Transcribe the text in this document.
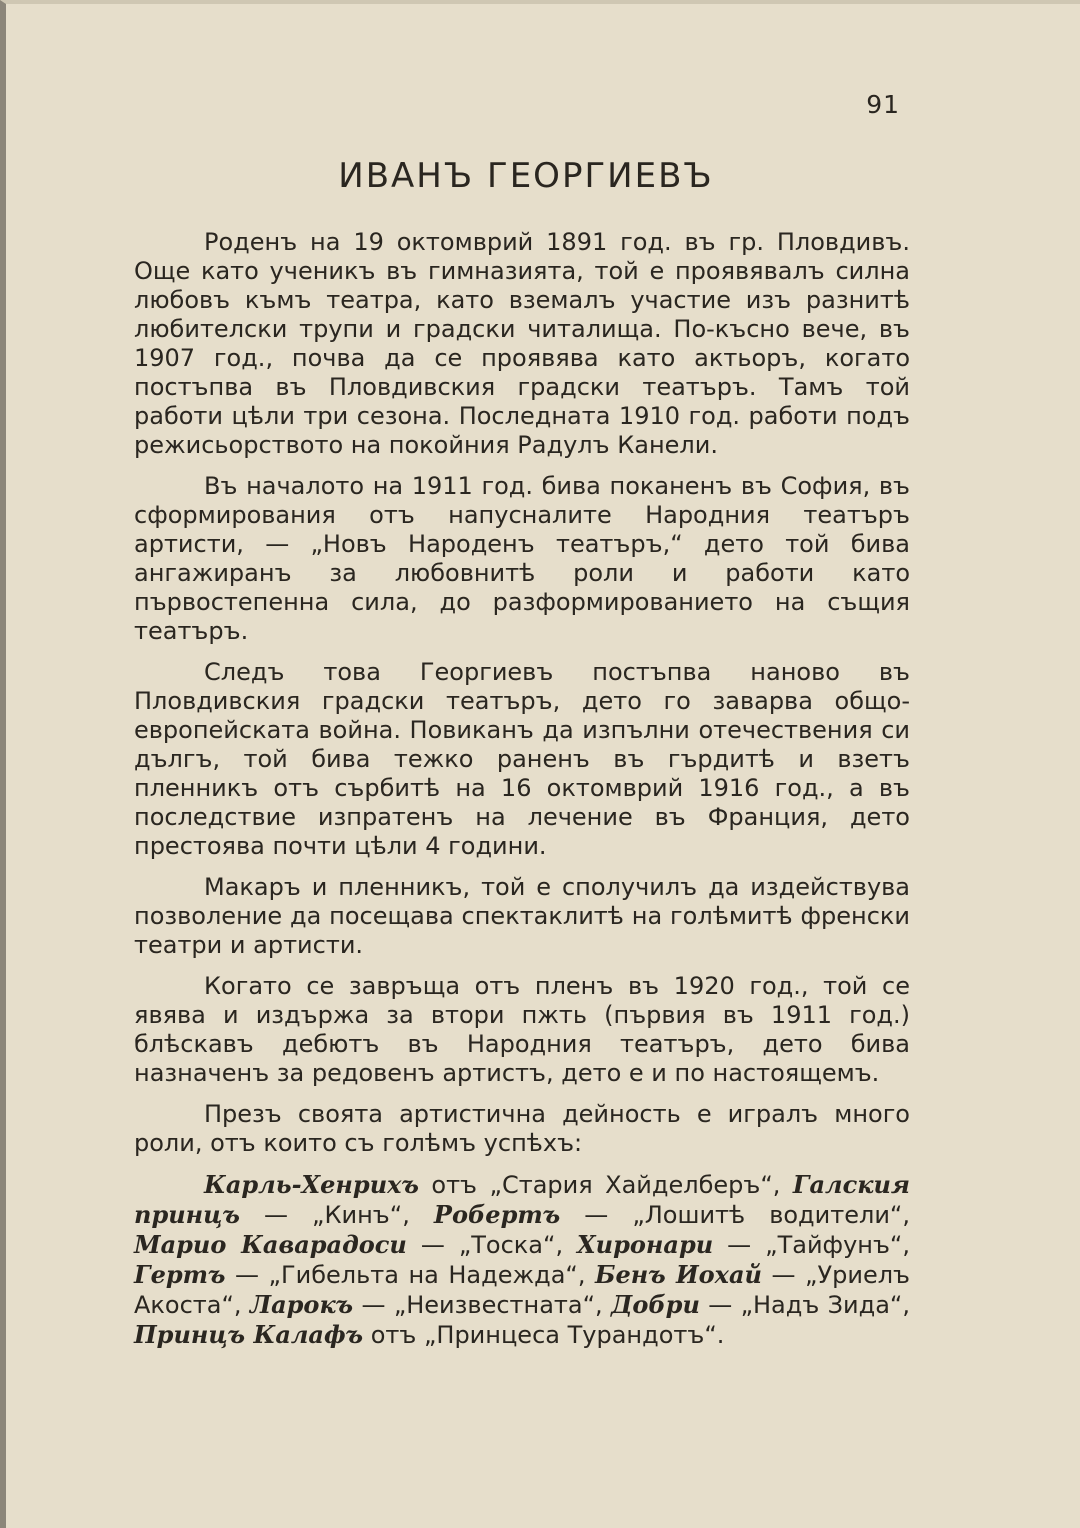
91
ИВАНЪ ГЕОРГИЕВЪ

Роденъ на 19 октомврий 1891 год. въ гр. Пловдивъ. Още като ученикъ въ гимназията, той е проявявалъ силна любовъ къмъ театра, като вземалъ участие изъ разнитѣ любителски трупи и градски читалища. По-късно вече, въ 1907 год., почва да се проявява като актьоръ, когато постъпва въ Пловдивския градски театъръ. Тамъ той работи цѣли три сезона. Последната 1910 год. работи подъ режисьорството на покойния Радулъ Канели.

Въ началото на 1911 год. бива поканенъ въ София, въ сформирования отъ напусналите Народния театъръ артисти, — „Новъ Народенъ театъръ,“ дето той бива ангажиранъ за любовнитѣ роли и работи като първостепенна сила, до разформированието на същия театъръ.

Следъ това Георгиевъ постъпва наново въ Пловдивския градски театъръ, дето го заварва общо-европейската война. Повиканъ да изпълни отечествения си дългъ, той бива тежко раненъ въ гърдитѣ и взетъ пленникъ отъ сърбитѣ на 16 октомврий 1916 год., а въ последствие изпратенъ на лечение въ Франция, дето престоява почти цѣли 4 години.

Макаръ и пленникъ, той е сполучилъ да издействува позволение да посещава спектаклитѣ на голѣмитѣ френски театри и артисти.

Когато се завръща отъ пленъ въ 1920 год., той се явява и издържа за втори пжть (първия въ 1911 год.) блѣскавъ дебютъ въ Народния театъръ, дето бива назначенъ за редовенъ артистъ, дето е и по настоящемъ.

Презъ своята артистична дейность е игралъ много роли, отъ които съ голѣмъ успѣхъ:

Карль-Хенрихъ отъ „Стария Хайделберъ“, Галския принцъ — „Кинъ“, Робертъ — „Лошитѣ водители“, Марио Каварадоси — „Тоска“, Хиронари — „Тайфунъ“, Гертъ — „Гибельта на Надежда“, Бенъ Иохай — „Уриелъ Акоста“, Ларокъ — „Неизвестната“, Добри — „Надъ Зида“, Принцъ Калафъ отъ „Принцеса Турандотъ“.
